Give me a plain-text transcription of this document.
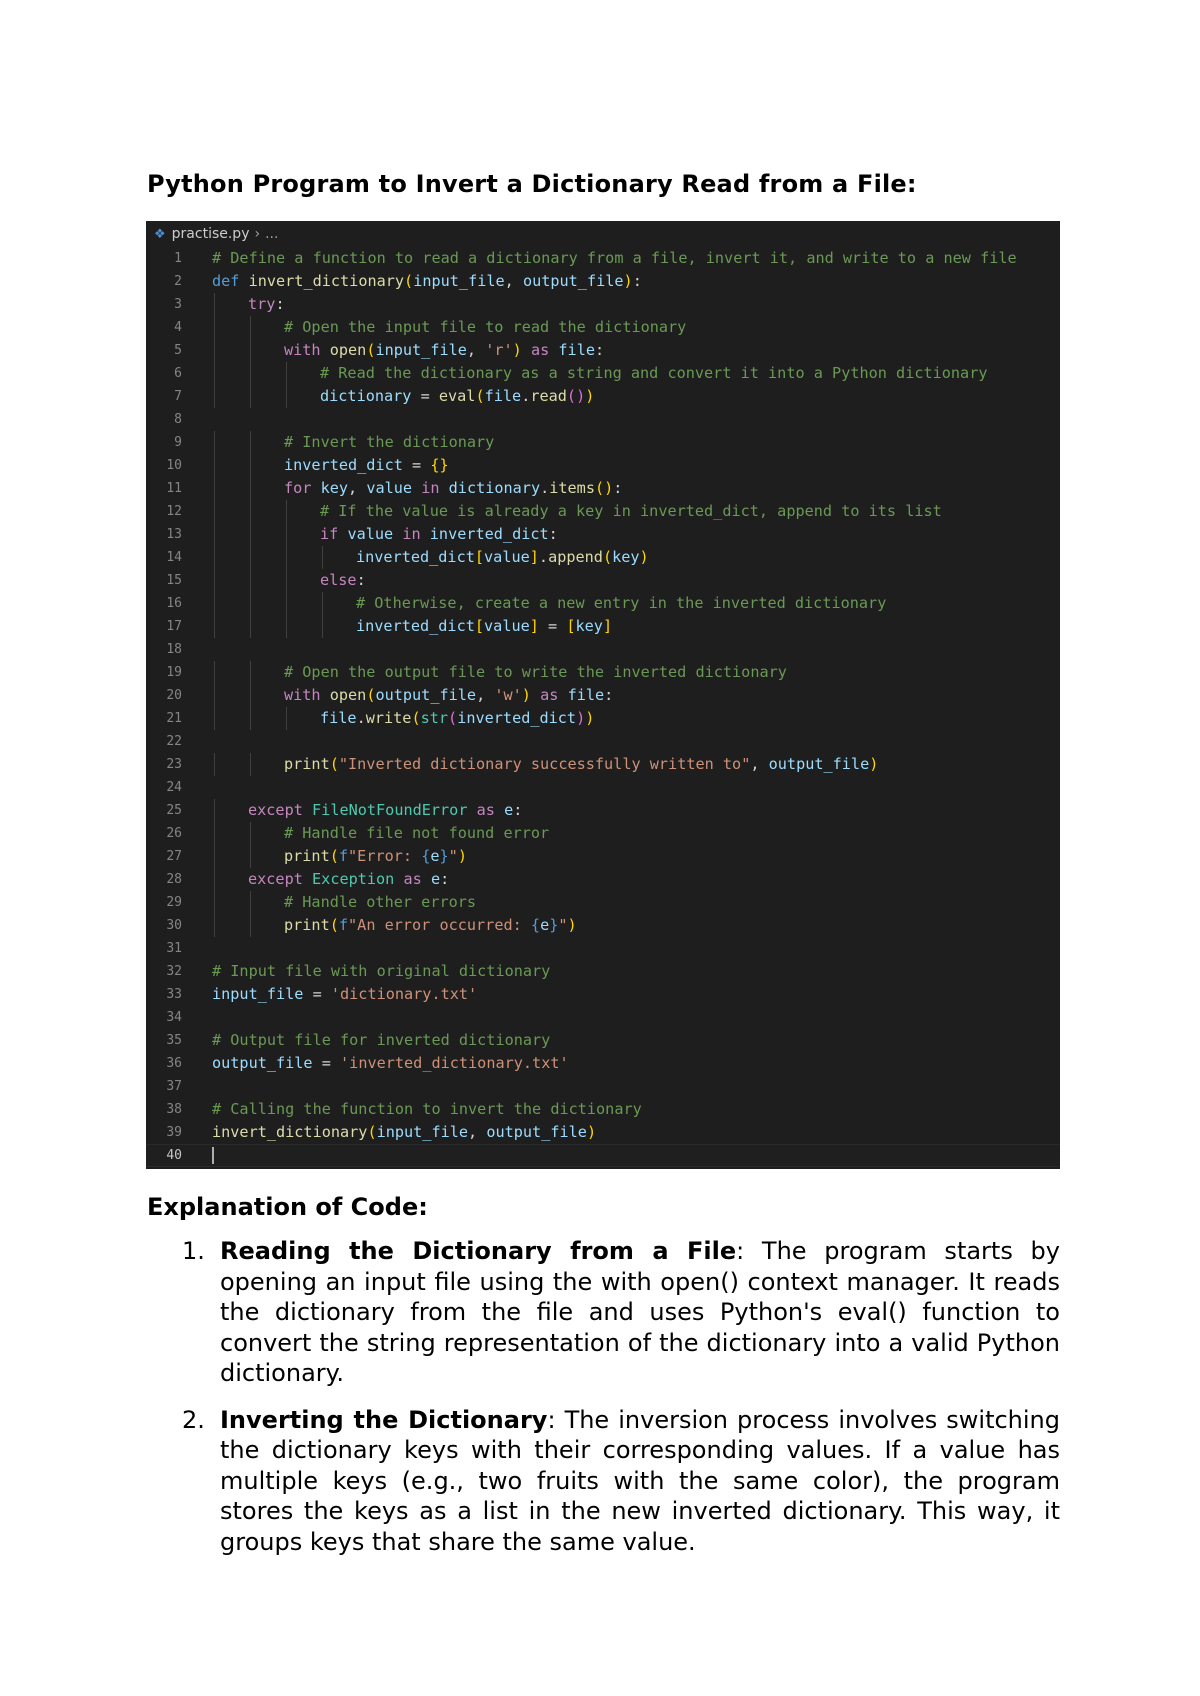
Python Program to Invert a Dictionary Read from a File:
❖ practise.py › ...
1 # Define a function to read a dictionary from a file, invert it, and write to a new file
2 def invert_dictionary(input_file, output_file):
3	try:
4	# Open the input file to read the dictionary
5	with open(input_file, 'r') as file:
6	# Read the dictionary as a string and convert it into a Python dictionary
7	dictionary = eval(file.read())
8
9	# Invert the dictionary
10	inverted_dict = {}
11	for key, value in dictionary.items():
12	# If the value is already a key in inverted_dict, append to its list
13	if value in inverted_dict:
14	inverted_dict[value].append(key)
15	else:
16	# Otherwise, create a new entry in the inverted dictionary
17	inverted_dict[value] = [key]
18
19	# Open the output file to write the inverted dictionary
20	with open(output_file, 'w') as file:
21	file.write(str(inverted_dict))
22
23	print("Inverted dictionary successfully written to", output_file)
24
25	except FileNotFoundError as e:
26	# Handle file not found error
27	print(f"Error: {e}")
28	except Exception as e:
29	# Handle other errors
30	print(f"An error occurred: {e}")
31
32 # Input file with original dictionary
33 input_file = 'dictionary.txt'
34
35 # Output file for inverted dictionary
36 output_file = 'inverted_dictionary.txt'
37
38 # Calling the function to invert the dictionary
39 invert_dictionary(input_file, output_file)
40
Explanation of Code:
1. Reading the Dictionary from a File: The program starts by opening an input file using the with open() context manager. It reads the dictionary from the file and uses Python's eval() function to convert the string representation of the dictionary into a valid Python dictionary.
2. Inverting the Dictionary: The inversion process involves switching the dictionary keys with their corresponding values. If a value has multiple keys (e.g., two fruits with the same color), the program stores the keys as a list in the new inverted dictionary. This way, it groups keys that share the same value.
